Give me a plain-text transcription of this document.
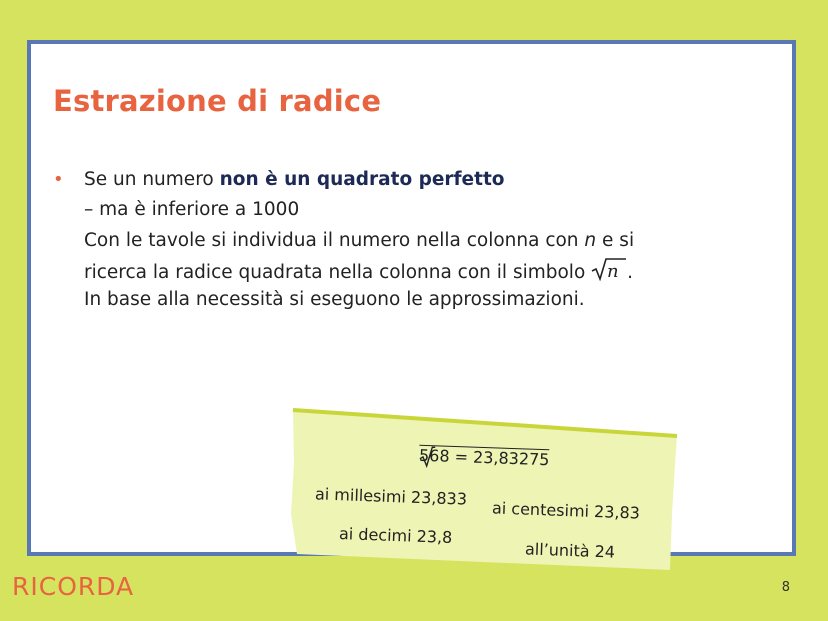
Estrazione di radice
• Se un numero non è un quadrato perfetto
– ma è inferiore a 1000
Con le tavole si individua il numero nella colonna con n e si
ricerca la radice quadrata nella colonna con il simbolo n .
In base alla necessità si eseguono le approssimazioni.
568 = 23,83275
ai millesimi 23,833
ai centesimi 23,83
ai decimi 23,8
all’unità 24
RICORDA	8
